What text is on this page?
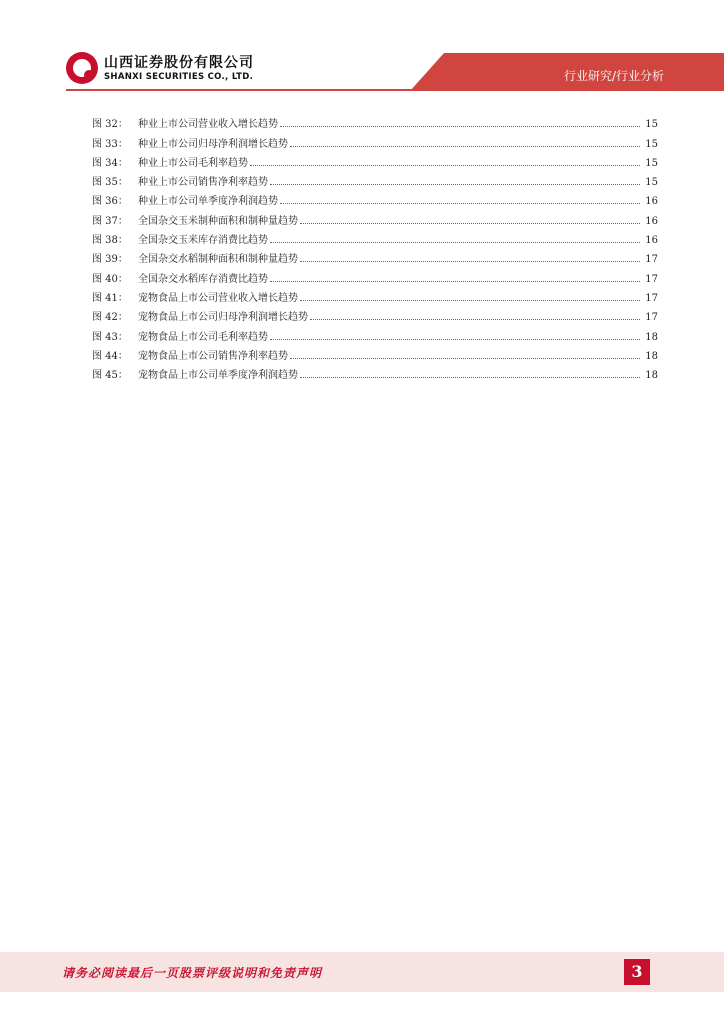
山西证券股份有限公司
SHANXI SECURITIES CO., LTD.	行业研究/行业分析
图 32：	种业上市公司营业收入增长趋势	15
图 33：	种业上市公司归母净利润增长趋势	15
图 34：	种业上市公司毛利率趋势	15
图 35：	种业上市公司销售净利率趋势	15
图 36：	种业上市公司单季度净利润趋势	16
图 37：	全国杂交玉米制种面积和制种量趋势	16
图 38：	全国杂交玉米库存消费比趋势	16
图 39：	全国杂交水稻制种面积和制种量趋势	17
图 40：	全国杂交水稻库存消费比趋势	17
图 41：	宠物食品上市公司营业收入增长趋势	17
图 42：	宠物食品上市公司归母净利润增长趋势	17
图 43：	宠物食品上市公司毛利率趋势	18
图 44：	宠物食品上市公司销售净利率趋势	18
图 45：	宠物食品上市公司单季度净利润趋势	18
请务必阅读最后一页股票评级说明和免责声明	3
